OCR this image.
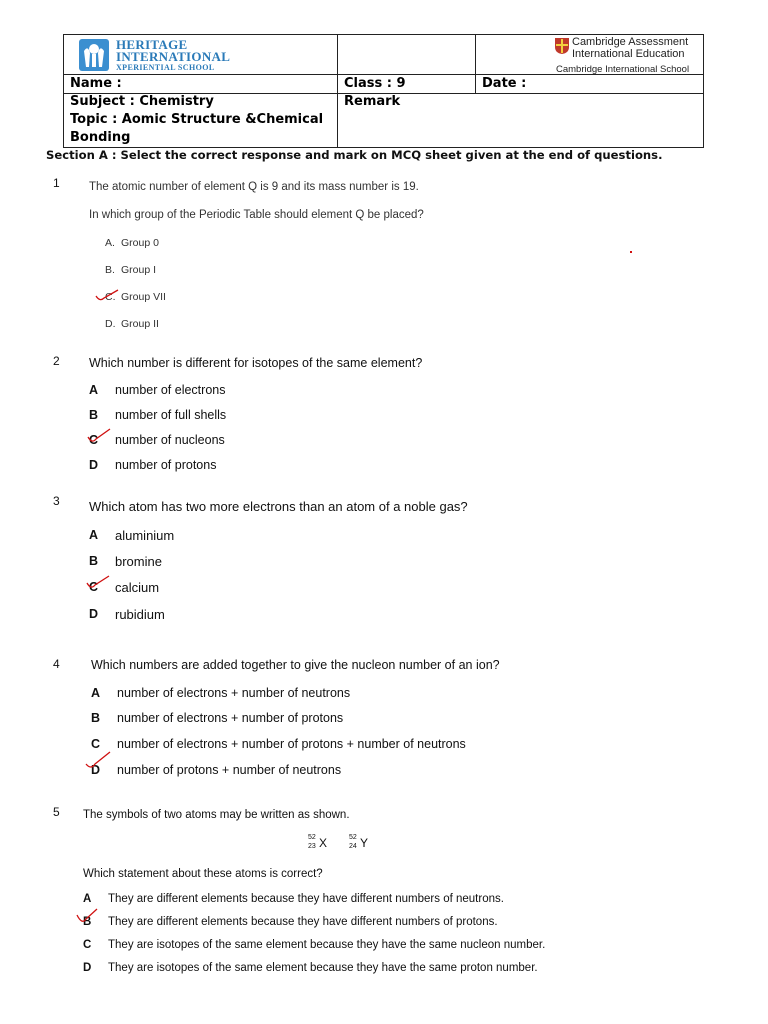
HERITAGE
INTERNATIONAL
XPERIENTIAL SCHOOL
Cambridge Assessment
International Education
Cambridge International School
Name :	Class : 9	Date :
Subject : Chemistry
Topic : Aomic Structure &Chemical
Bonding
Remark
Section A : Select the correct response and mark on MCQ sheet given at the end of questions.
1	The atomic number of element Q is 9 and its mass number is 19.
In which group of the Periodic Table should element Q be placed?
A. Group 0
B. Group I
C. Group VII
D. Group II
2 Which number is different for isotopes of the same element?
A number of electrons
B number of full shells
C number of nucleons
D number of protons
3 Which atom has two more electrons than an atom of a noble gas?
A aluminium
B bromine
C calcium
D rubidium
4	Which numbers are added together to give the nucleon number of an ion?
A number of electrons + number of neutrons
B number of electrons + number of protons
C number of electrons + number of protons + number of neutrons
D number of protons + number of neutrons
5 The symbols of two atoms may be written as shown.
52
23 X	52
24 Y
Which statement about these atoms is correct?
A They are different elements because they have different numbers of neutrons.
B They are different elements because they have different numbers of protons.
C They are isotopes of the same element because they have the same nucleon number.
D They are isotopes of the same element because they have the same proton number.
